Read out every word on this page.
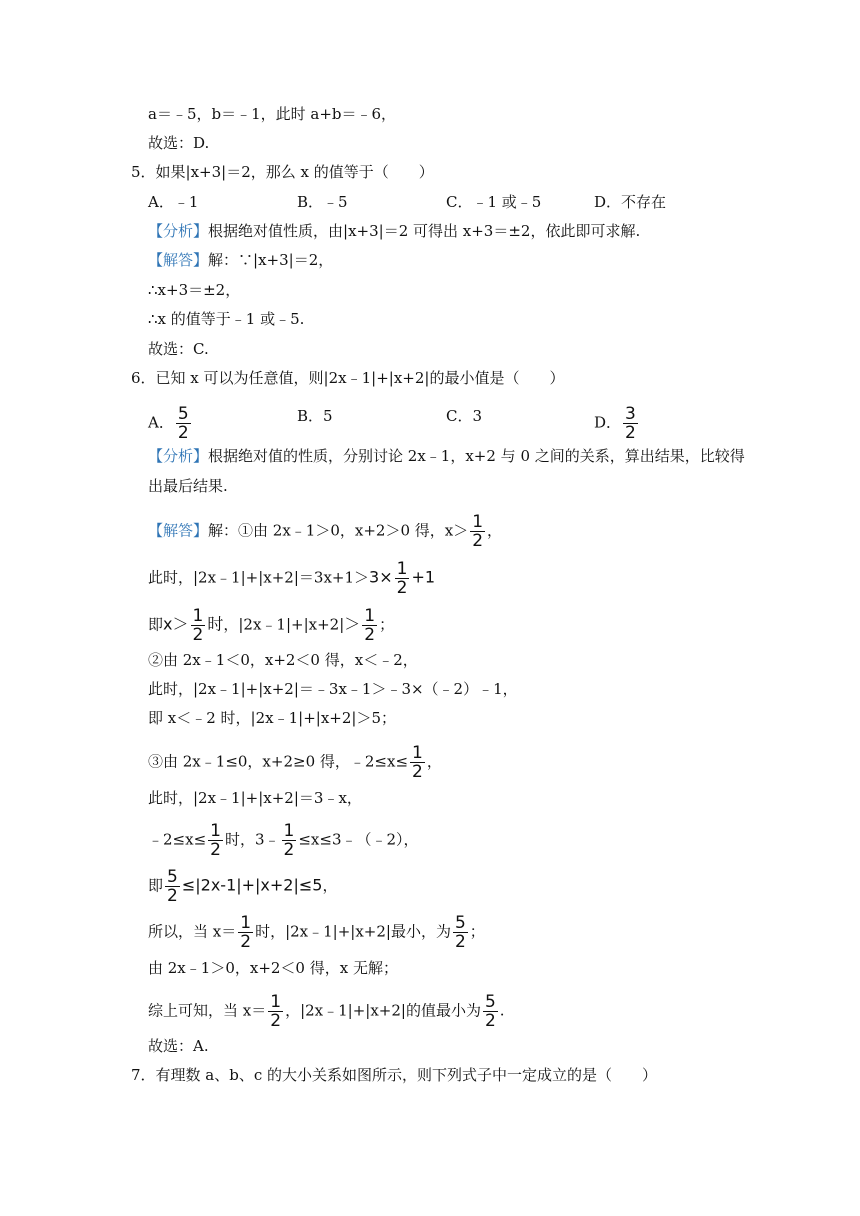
a＝﹣5，b＝﹣1，此时 a+b＝﹣6，
故选：D.
5．如果|x+3|＝2，那么 x 的值等于（　　）
A．﹣1	B．﹣5	C．﹣1 或﹣5	D．不存在
【分析】根据绝对值性质，由|x+3|＝2 可得出 x+3＝±2，依此即可求解.
【解答】解：∵|x+3|＝2，
∴x+3＝±2，
∴x 的值等于﹣1 或﹣5.
故选：C.
6．已知 x 可以为任意值，则|2x﹣1|+|x+2|的最小值是（　　）
A． $\frac{5}{2}$	B．5	C．3	D． $\frac{3}{2}$
【分析】根据绝对值的性质，分别讨论 2x﹣1，x+2 与 0 之间的关系，算出结果，比较得
出最后结果.
【解答】解：①由 2x﹣1＞0，x+2＞0 得，$x> \frac{1}{2}$ ，
此时，|2x﹣1|+|x+2|＝3x+1＞3× $\frac{1}{2} +1$
即$x> \frac{1}{2}$ 时，|2x﹣1|+|x+2|＞ $\frac{1}{2}$ ；
②由 2x﹣1＜0，x+2＜0 得，x＜﹣2，
此时，|2x﹣1|+|x+2|＝﹣3x﹣1＞﹣3×（﹣2）﹣1，
即 x＜﹣2 时，|2x﹣1|+|x+2|＞5；
③由 2x﹣1≤0，x+2≥0 得，﹣2≤x≤ $\frac{1}{2}$ ，
此时，|2x﹣1|+|x+2|＝3﹣x，
﹣2≤x≤ $\frac{1}{2}$ 时，3﹣ $\frac{1}{2}$ ≤x≤3﹣（﹣2），
即 $\frac{5}{2} \le|2x-1|+|x+2|\le 5$，
所以，当 $x= \frac{1}{2}$ 时，|2x﹣1|+|x+2|最小，为 $\frac{5}{2}$ ；
由 2x﹣1＞0，x+2＜0 得，x 无解；
综上可知，当 $x= \frac{1}{2}$ ，|2x﹣1|+|x+2|的值最小为 $\frac{5}{2}$ .
故选：A.
7．有理数 a、b、c 的大小关系如图所示，则下列式子中一定成立的是（　　）
